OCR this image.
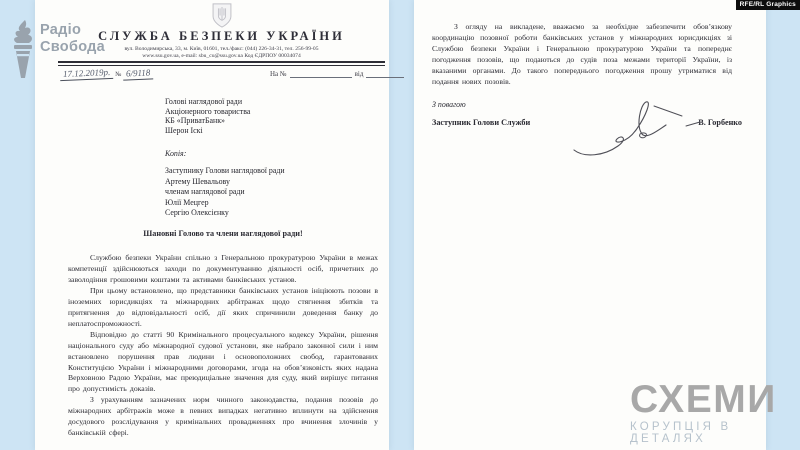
СЛУЖБА БЕЗПЕКИ УКРАЇНИ
вул. Володимирська, 33, м. Київ, 01601, тел./факс: (044) 226-34-31, тел. 256-99-05
www.ssu.gov.ua, e-mail: sbu_cu@ssu.gov.ua Код ЄДРПОУ 00034074
17.12.2019р. № 6/9118	На №	від
Голові наглядової ради
Акціонерного товариства
КБ «ПриватБанк»
Шерон Іскі
Копія:
Заступнику Голови наглядової ради
Артему Шевальову
членам наглядової ради
Юлії Мецгер
Сергію Олексієнку
Шановні Голово та члени наглядової ради!

Службою безпеки України спільно з Генеральною прокуратурою України в межах компетенції здійснюються заходи по документуванню діяльності осіб, причетних до заволодіння грошовими коштами та активами банківських установ.

При цьому встановлено, що представники банківських установ ініціюють позови в іноземних юрисдикціях та міжнародних арбітражах щодо стягнення збитків та притягнення до відповідальності осіб, дії яких спричинили доведення банку до неплатоспроможності.

Відповідно до статті 90 Кримінального процесуального кодексу України, рішення національного суду або міжнародної судової установи, яке набрало законної сили і ним встановлено порушення прав людини і основоположних свобод, гарантованих Конституцією України і міжнародними договорами, згода на обов’язковість яких надана Верховною Радою України, має преюдиціальне значення для суду, який вирішує питання про допустимість доказів.

З урахуванням зазначених норм чинного законодавства, подання позовів до міжнародних арбітражів може в певних випадках негативно вплинути на здійснення досудового розслідування у кримінальних провадженнях про вчинення злочинів у банківській сфері.

З огляду на викладене, вважаємо за необхідне забезпечити обов’язкову координацію позовної роботи банківських установ у міжнародних юрисдикціях зі Службою безпеки України і Генеральною прокуратурою України та попереднє погодження позовів, що подаються до судів поза межами території України, із вказаними органами. До такого попереднього погодження прошу утриматися від подання нових позовів.

З повагою
Заступник Голови Служби	В. Горбенко
Радіо
Свобода
RFE/RL Graphics
СХЕМИ
КОРУПЦІЯ В ДЕТАЛЯХ
